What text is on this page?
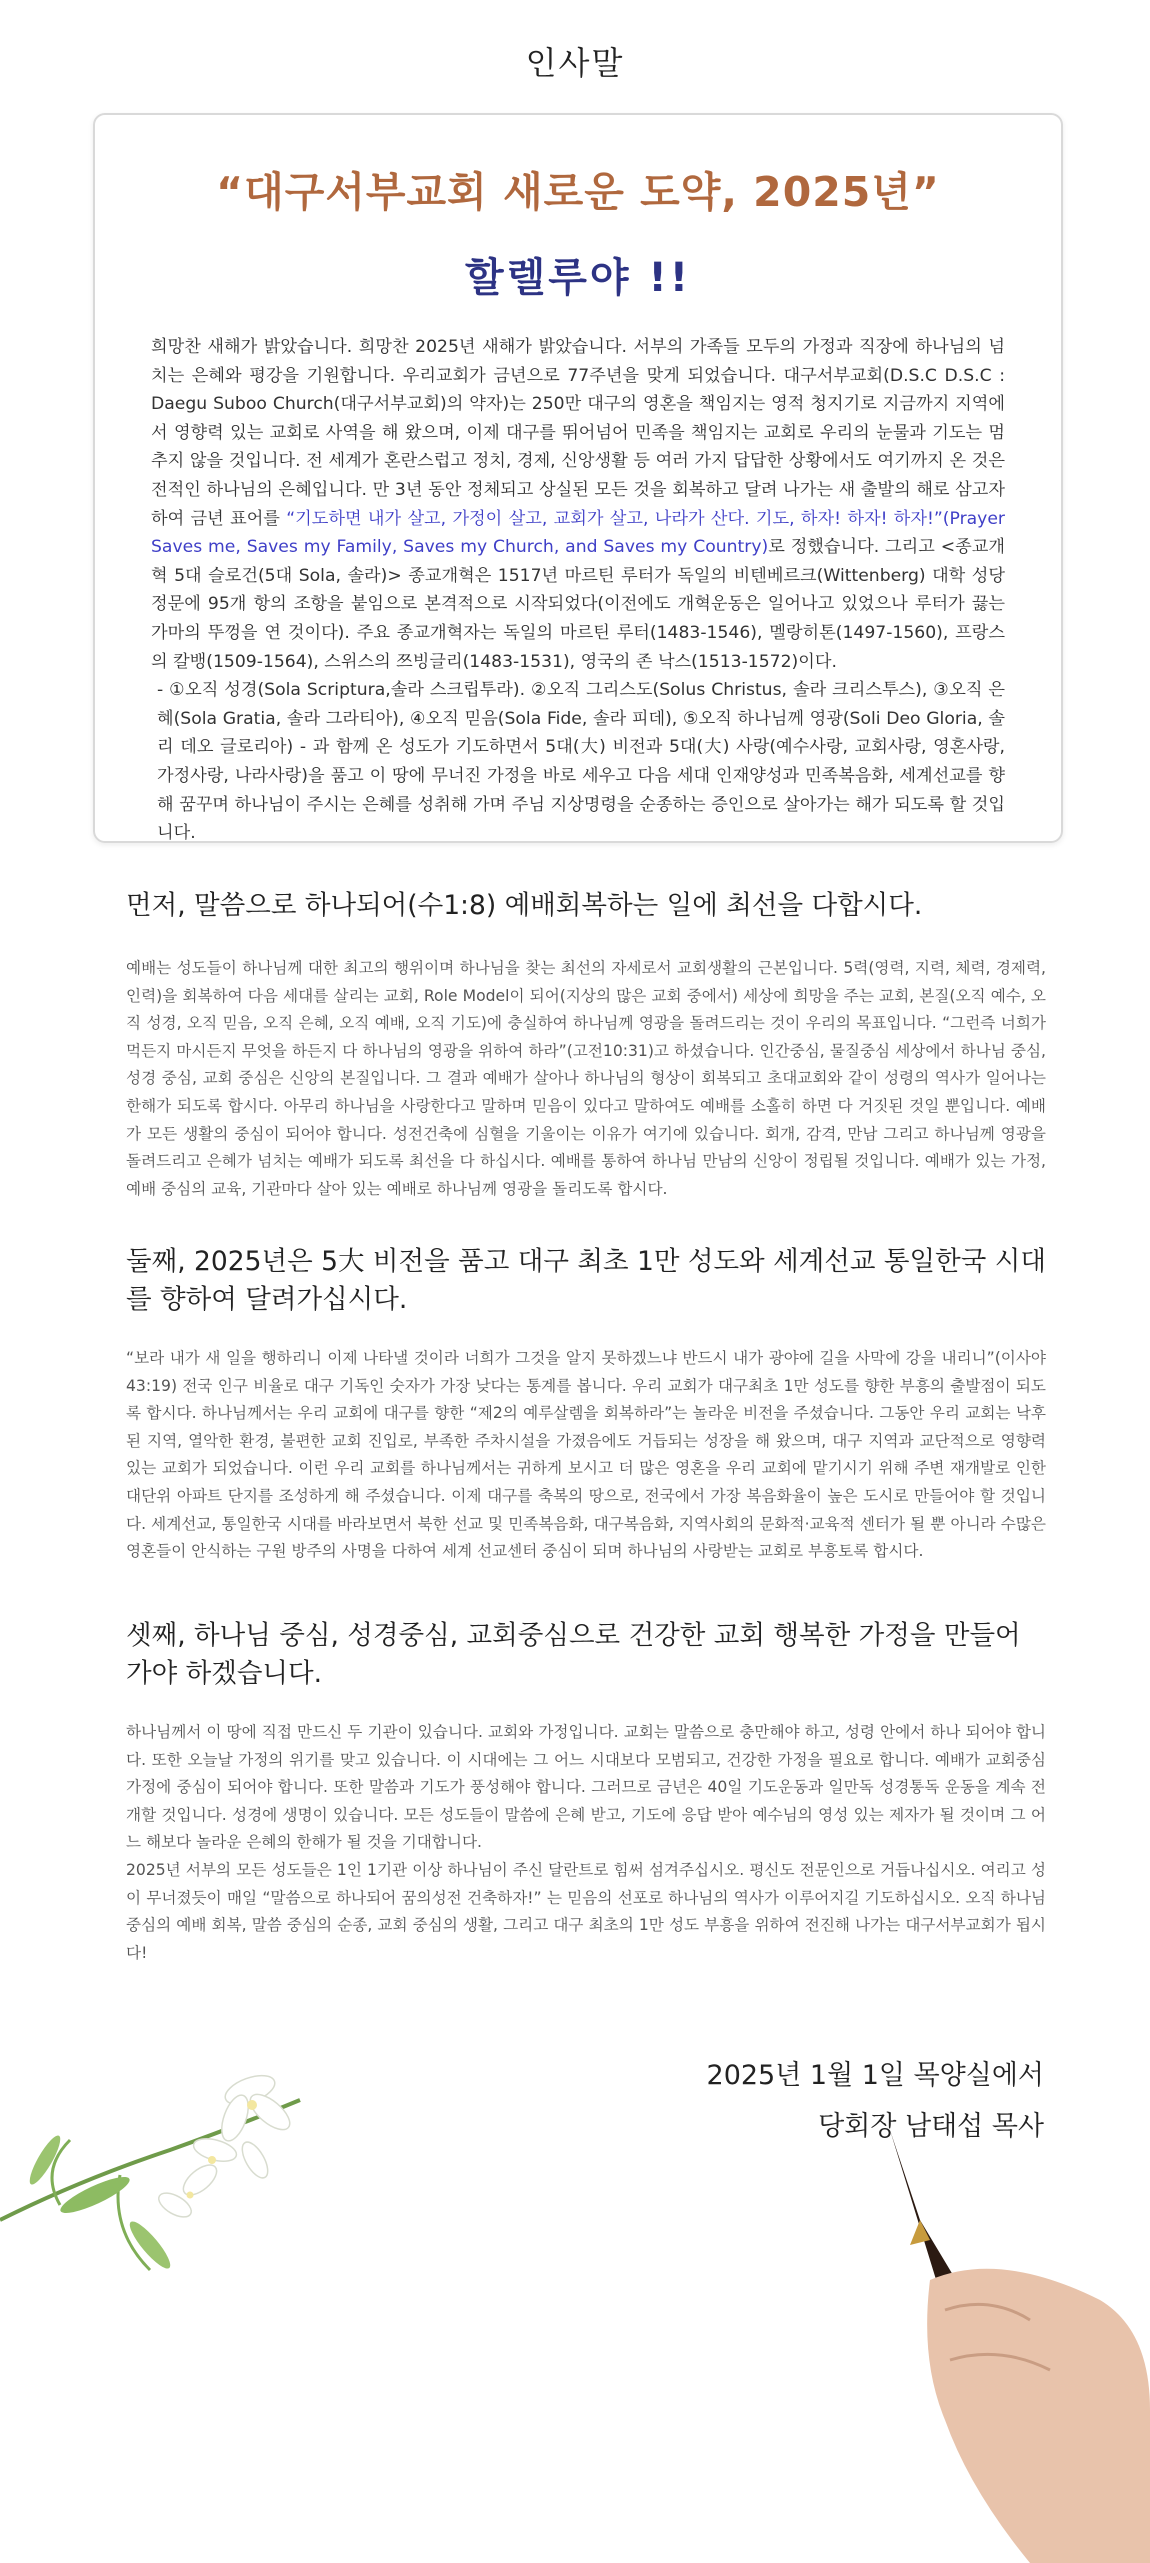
인사말
“대구서부교회 새로운 도약, 2025년”
할렐루야 !!

희망찬 새해가 밝았습니다. 희망찬 2025년 새해가 밝았습니다. 서부의 가족들 모두의 가정과 직장에 하나님의 넘치는 은혜와 평강을 기원합니다. 우리교회가 금년으로 77주년을 맞게 되었습니다. 대구서부교회(D.S.C D.S.C : Daegu Suboo Church(대구서부교회)의 약자)는 250만 대구의 영혼을 책임지는 영적 청지기로 지금까지 지역에서 영향력 있는 교회로 사역을 해 왔으며, 이제 대구를 뛰어넘어 민족을 책임지는 교회로 우리의 눈물과 기도는 멈추지 않을 것입니다. 전 세계가 혼란스럽고 정치, 경제, 신앙생활 등 여러 가지 답답한 상황에서도 여기까지 온 것은 전적인 하나님의 은혜입니다. 만 3년 동안 정체되고 상실된 모든 것을 회복하고 달려 나가는 새 출발의 해로 삼고자 하여 금년 표어를 “기도하면 내가 살고, 가정이 살고, 교회가 살고, 나라가 산다. 기도, 하자! 하자! 하자!”(Prayer Saves me, Saves my Family, Saves my Church, and Saves my Country)로 정했습니다. 그리고 <종교개혁 5대 슬로건(5대 Sola, 솔라)> 종교개혁은 1517년 마르틴 루터가 독일의 비텐베르크(Wittenberg) 대학 성당 정문에 95개 항의 조항을 붙임으로 본격적으로 시작되었다(이전에도 개혁운동은 일어나고 있었으나 루터가 끓는 가마의 뚜껑을 연 것이다). 주요 종교개혁자는 독일의 마르틴 루터(1483-1546), 멜랑히톤(1497-1560), 프랑스의 칼뱅(1509-1564), 스위스의 쯔빙글리(1483-1531), 영국의 존 낙스(1513-1572)이다.

- ①오직 성경(Sola Scriptura,솔라 스크립투라). ②오직 그리스도(Solus Christus, 솔라 크리스투스), ③오직 은혜(Sola Gratia, 솔라 그라티아), ④오직 믿음(Sola Fide, 솔라 피데), ⑤오직 하나님께 영광(Soli Deo Gloria, 솔리 데오 글로리아) - 과 함께 온 성도가 기도하면서 5대(大) 비전과 5대(大) 사랑(예수사랑, 교회사랑, 영혼사랑, 가정사랑, 나라사랑)을 품고 이 땅에 무너진 가정을 바로 세우고 다음 세대 인재양성과 민족복음화, 세계선교를 향해 꿈꾸며 하나님이 주시는 은혜를 성취해 가며 주님 지상명령을 순종하는 증인으로 살아가는 해가 되도록 할 것입니다.

먼저, 말씀으로 하나되어(수1:8) 예배회복하는 일에 최선을 다합시다.

예배는 성도들이 하나님께 대한 최고의 행위이며 하나님을 찾는 최선의 자세로서 교회생활의 근본입니다. 5력(영력, 지력, 체력, 경제력, 인력)을 회복하여 다음 세대를 살리는 교회, Role Model이 되어(지상의 많은 교회 중에서) 세상에 희망을 주는 교회, 본질(오직 예수, 오직 성경, 오직 믿음, 오직 은혜, 오직 예배, 오직 기도)에 충실하여 하나님께 영광을 돌려드리는 것이 우리의 목표입니다. “그런즉 너희가 먹든지 마시든지 무엇을 하든지 다 하나님의 영광을 위하여 하라”(고전10:31)고 하셨습니다. 인간중심, 물질중심 세상에서 하나님 중심, 성경 중심, 교회 중심은 신앙의 본질입니다. 그 결과 예배가 살아나 하나님의 형상이 회복되고 초대교회와 같이 성령의 역사가 일어나는 한해가 되도록 합시다. 아무리 하나님을 사랑한다고 말하며 믿음이 있다고 말하여도 예배를 소홀히 하면 다 거짓된 것일 뿐입니다. 예배가 모든 생활의 중심이 되어야 합니다. 성전건축에 심혈을 기울이는 이유가 여기에 있습니다. 회개, 감격, 만남 그리고 하나님께 영광을 돌려드리고 은혜가 넘치는 예배가 되도록 최선을 다 하십시다. 예배를 통하여 하나님 만남의 신앙이 정립될 것입니다. 예배가 있는 가정, 예배 중심의 교육, 기관마다 살아 있는 예배로 하나님께 영광을 돌리도록 합시다.

둘째, 2025년은 5大 비전을 품고 대구 최초 1만 성도와 세계선교 통일한국 시대를 향하여 달려가십시다.

“보라 내가 새 일을 행하리니 이제 나타낼 것이라 너희가 그것을 알지 못하겠느냐 반드시 내가 광야에 길을 사막에 강을 내리니”(이사야 43:19) 전국 인구 비율로 대구 기독인 숫자가 가장 낮다는 통계를 봅니다. 우리 교회가 대구최초 1만 성도를 향한 부흥의 출발점이 되도록 합시다. 하나님께서는 우리 교회에 대구를 향한 “제2의 예루살렘을 회복하라”는 놀라운 비전을 주셨습니다. 그동안 우리 교회는 낙후된 지역, 열악한 환경, 불편한 교회 진입로, 부족한 주차시설을 가졌음에도 거듭되는 성장을 해 왔으며, 대구 지역과 교단적으로 영향력 있는 교회가 되었습니다. 이런 우리 교회를 하나님께서는 귀하게 보시고 더 많은 영혼을 우리 교회에 맡기시기 위해 주변 재개발로 인한 대단위 아파트 단지를 조성하게 해 주셨습니다. 이제 대구를 축복의 땅으로, 전국에서 가장 복음화율이 높은 도시로 만들어야 할 것입니다. 세계선교, 통일한국 시대를 바라보면서 북한 선교 및 민족복음화, 대구복음화, 지역사회의 문화적·교육적 센터가 될 뿐 아니라 수많은 영혼들이 안식하는 구원 방주의 사명을 다하여 세계 선교센터 중심이 되며 하나님의 사랑받는 교회로 부흥토록 합시다.

셋째, 하나님 중심, 성경중심, 교회중심으로 건강한 교회 행복한 가정을 만들어가야 하겠습니다.

하나님께서 이 땅에 직접 만드신 두 기관이 있습니다. 교회와 가정입니다. 교회는 말씀으로 충만해야 하고, 성령 안에서 하나 되어야 합니다. 또한 오늘날 가정의 위기를 맞고 있습니다. 이 시대에는 그 어느 시대보다 모범되고, 건강한 가정을 필요로 합니다. 예배가 교회중심 가정에 중심이 되어야 합니다. 또한 말씀과 기도가 풍성해야 합니다. 그러므로 금년은 40일 기도운동과 일만독 성경통독 운동을 계속 전개할 것입니다. 성경에 생명이 있습니다. 모든 성도들이 말씀에 은혜 받고, 기도에 응답 받아 예수님의 영성 있는 제자가 될 것이며 그 어느 해보다 놀라운 은혜의 한해가 될 것을 기대합니다.

2025년 서부의 모든 성도들은 1인 1기관 이상 하나님이 주신 달란트로 힘써 섬겨주십시오. 평신도 전문인으로 거듭나십시오. 여리고 성이 무너졌듯이 매일 “말씀으로 하나되어 꿈의성전 건축하자!” 는 믿음의 선포로 하나님의 역사가 이루어지길 기도하십시오. 오직 하나님 중심의 예배 회복, 말씀 중심의 순종, 교회 중심의 생활, 그리고 대구 최초의 1만 성도 부흥을 위하여 전진해 나가는 대구서부교회가 됩시다!

2025년 1월 1일 목양실에서
당회장 남태섭 목사
